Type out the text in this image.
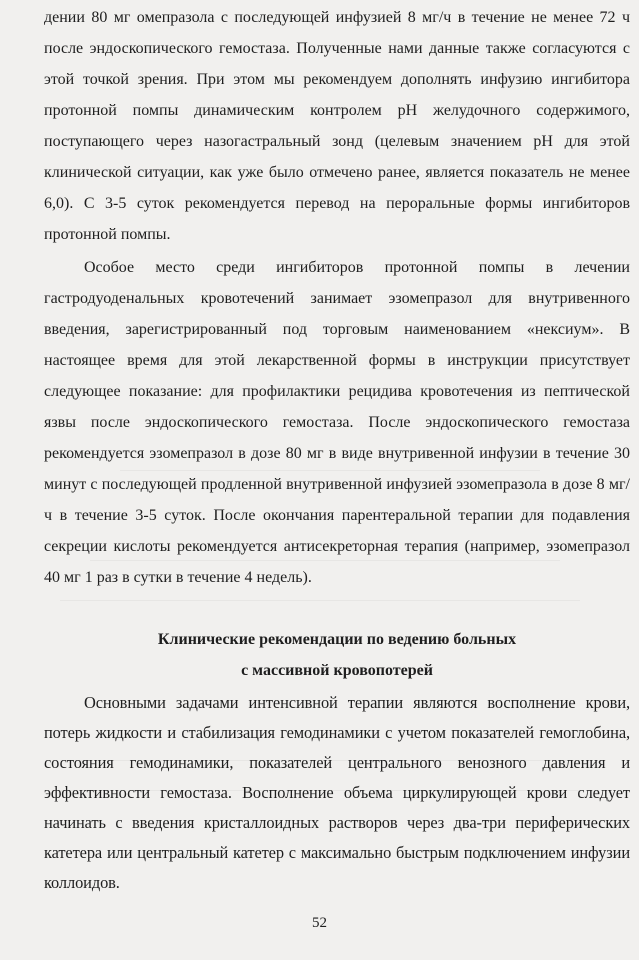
дении 80 мг омепразола с последующей инфузией 8 мг/ч в течение не менее 72 ч после эндоскопического гемостаза. Полученные нами данные также согласуются с этой точкой зрения. При этом мы рекомендуем дополнять инфузию ингибитора протонной помпы динамическим контролем pH желудочного содержимого, поступающего через назогастральный зонд (целевым значением pH для этой клинической ситуации, как уже было отмечено ранее, является показатель не менее 6,0). С 3-5 суток рекомендуется перевод на пероральные формы ингибиторов протонной помпы.

Особое место среди ингибиторов протонной помпы в лечении гастродуоденальных кровотечений занимает эзомепразол для внутривенного введения, зарегистрированный под торговым наименованием «нексиум». В настоящее время для этой лекарственной формы в инструкции присутствует следующее показание: для профилактики рецидива кровотечения из пептической язвы после эндоскопического гемостаза. После эндоскопического гемостаза рекомендуется эзомепразол в дозе 80 мг в виде внутривенной инфузии в течение 30 минут с последующей продленной внутривенной инфузией эзомепразола в дозе 8 мг/ч в течение 3-5 суток. После окончания парентеральной терапии для подавления секреции кислоты рекомендуется антисекреторная терапия (например, эзомепразол 40 мг 1 раз в сутки в течение 4 недель).

Клинические рекомендации по ведению больных
с массивной кровопотерей

Основными задачами интенсивной терапии являются восполнение крови, потерь жидкости и стабилизация гемодинамики с учетом показателей гемоглобина, состояния гемодинамики, показателей центрального венозного давления и эффективности гемостаза. Восполнение объема циркулирующей крови следует начинать с введения кристаллоидных растворов через два-три периферических катетера или центральный катетер с максимально быстрым подключением инфузии коллоидов.

52
